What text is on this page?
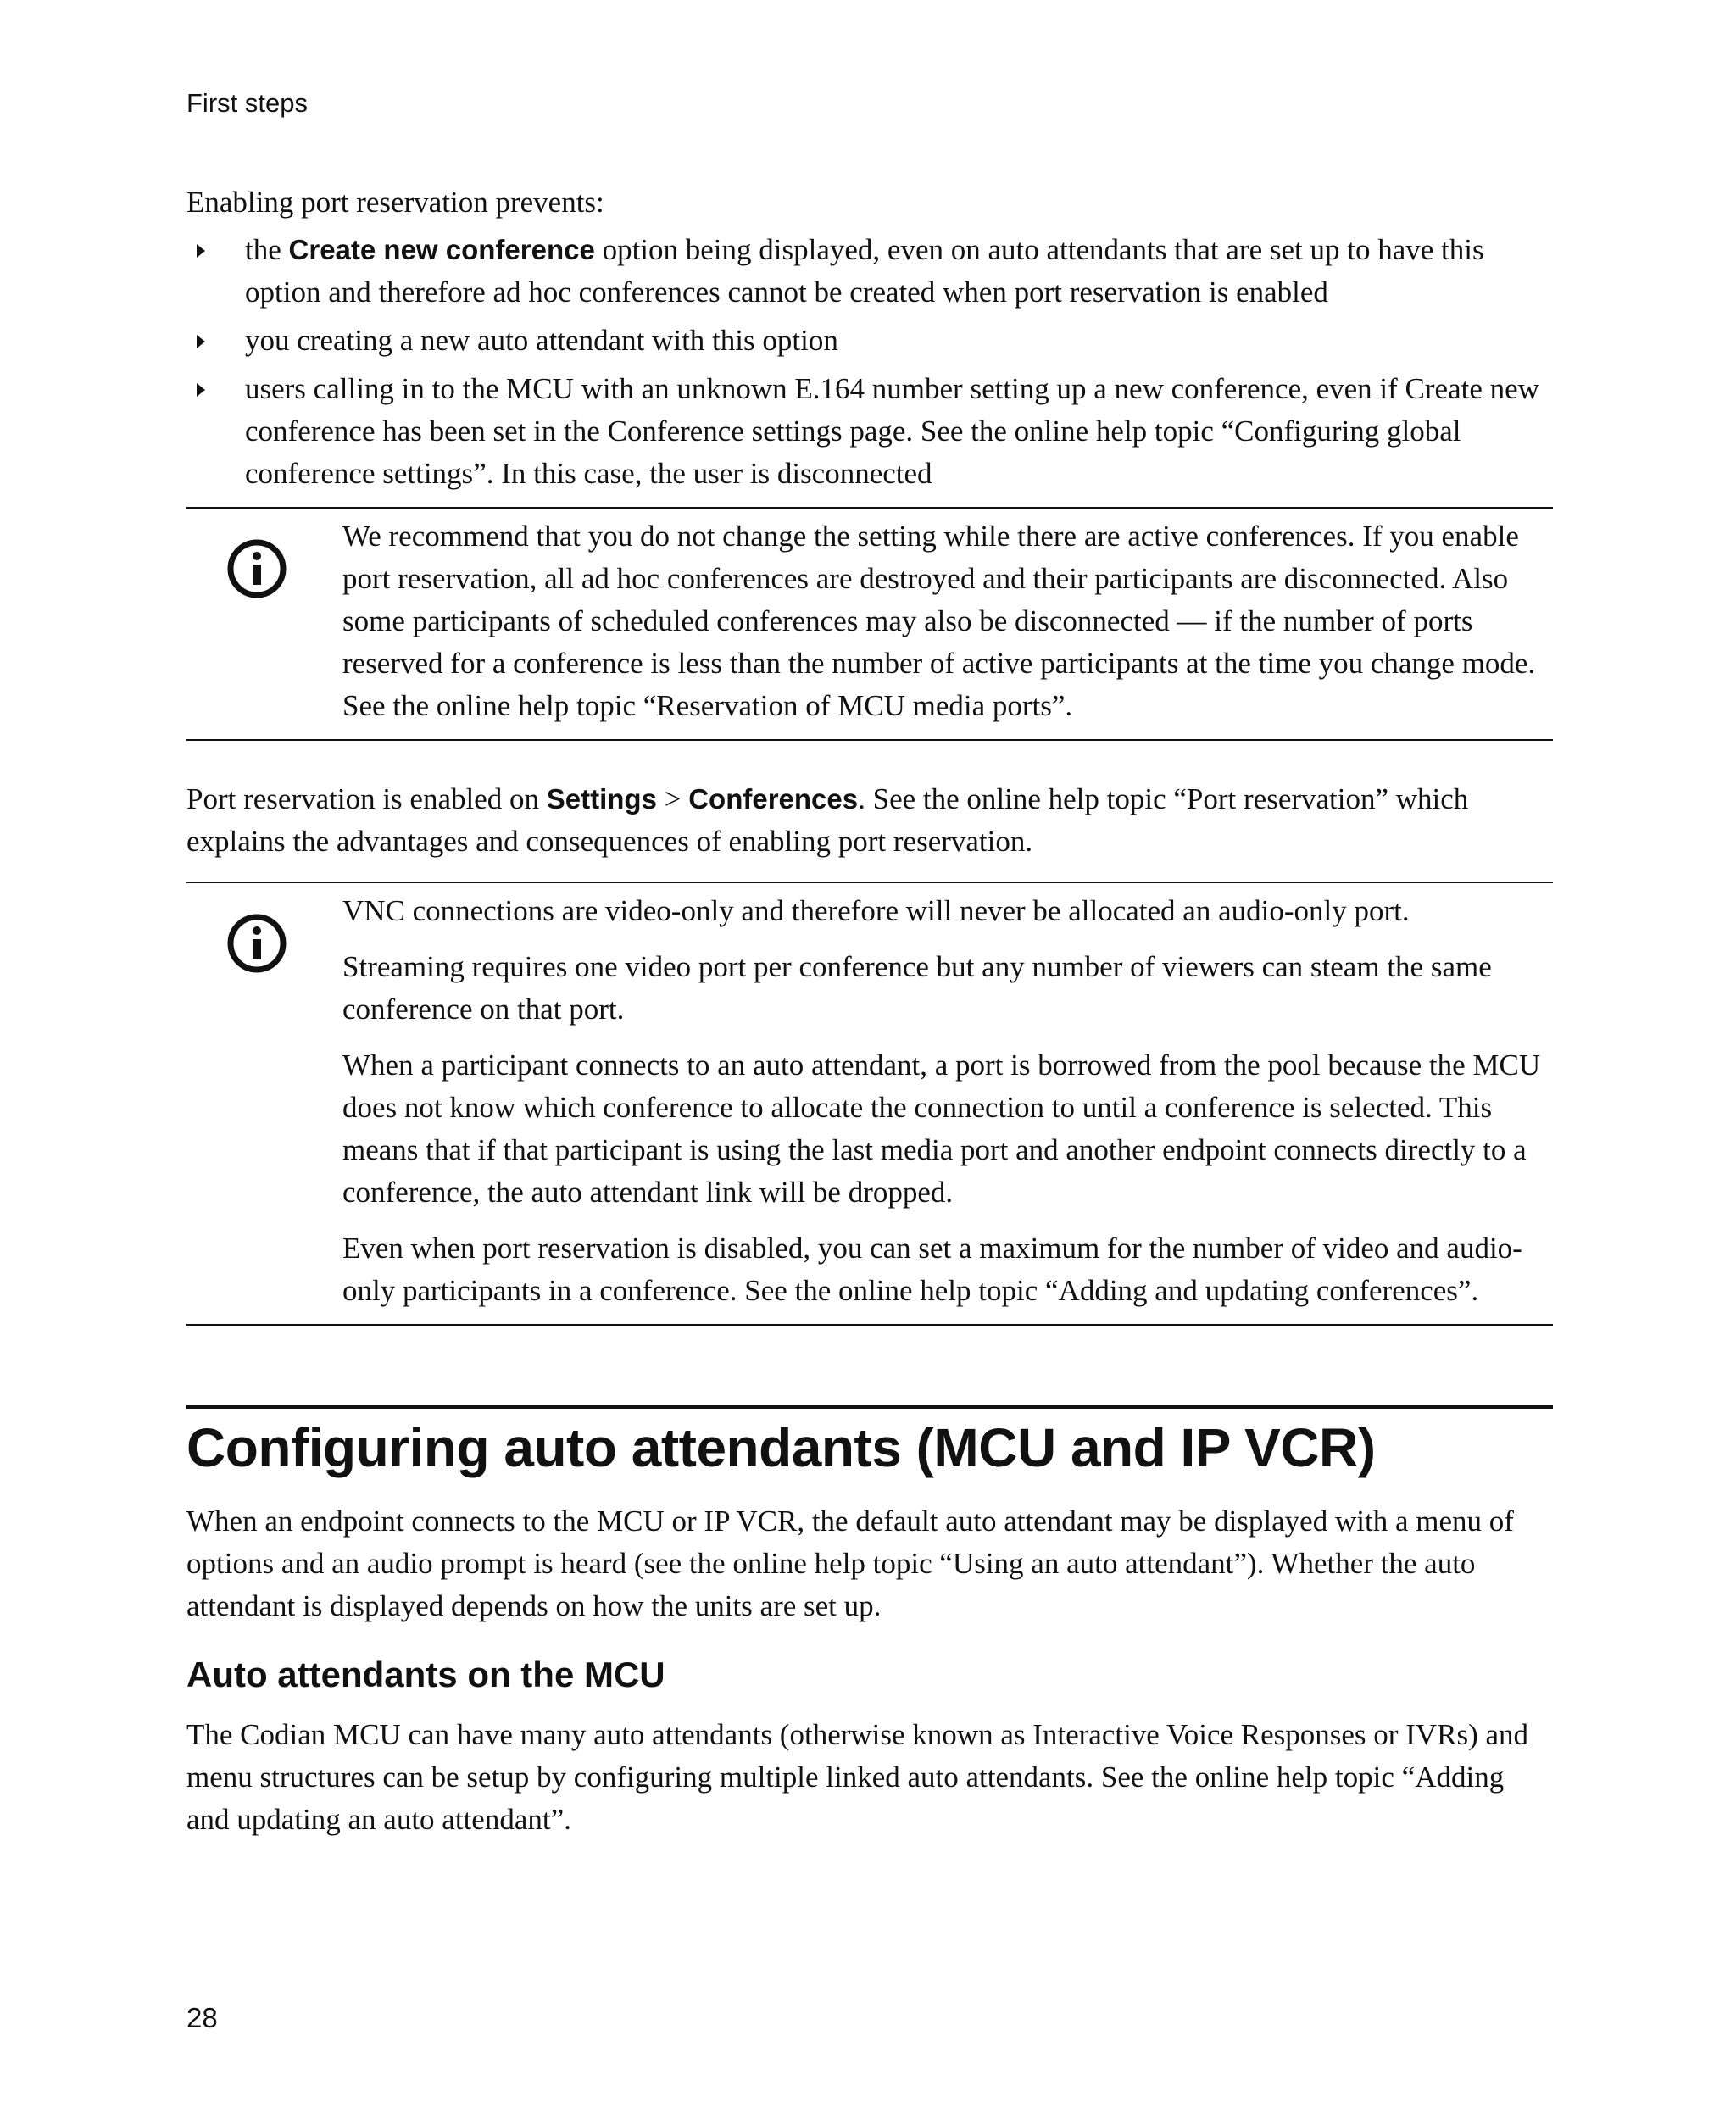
First steps

Enabling port reservation prevents:

the Create new conference option being displayed, even on auto attendants that are set up to have this option and therefore ad hoc conferences cannot be created when port reservation is enabled
you creating a new auto attendant with this option
users calling in to the MCU with an unknown E.164 number setting up a new conference, even if Create new conference has been set in the Conference settings page. See the online help topic “Configuring global conference settings”. In this case, the user is disconnected

We recommend that you do not change the setting while there are active conferences. If you enable port reservation, all ad hoc conferences are destroyed and their participants are disconnected. Also some participants of scheduled conferences may also be disconnected — if the number of ports reserved for a conference is less than the number of active participants at the time you change mode. See the online help topic “Reservation of MCU media ports”.

Port reservation is enabled on Settings > Conferences. See the online help topic “Port reservation” which explains the advantages and consequences of enabling port reservation.

VNC connections are video-only and therefore will never be allocated an audio-only port.

Streaming requires one video port per conference but any number of viewers can steam the same conference on that port.

When a participant connects to an auto attendant, a port is borrowed from the pool because the MCU does not know which conference to allocate the connection to until a conference is selected. This means that if that participant is using the last media port and another endpoint connects directly to a conference, the auto attendant link will be dropped.

Even when port reservation is disabled, you can set a maximum for the number of video and audio-only participants in a conference. See the online help topic “Adding and updating conferences”.

Configuring auto attendants (MCU and IP VCR)

When an endpoint connects to the MCU or IP VCR, the default auto attendant may be displayed with a menu of options and an audio prompt is heard (see the online help topic “Using an auto attendant”). Whether the auto attendant is displayed depends on how the units are set up.

Auto attendants on the MCU

The Codian MCU can have many auto attendants (otherwise known as Interactive Voice Responses or IVRs) and menu structures can be setup by configuring multiple linked auto attendants. See the online help topic “Adding and updating an auto attendant”.

28
